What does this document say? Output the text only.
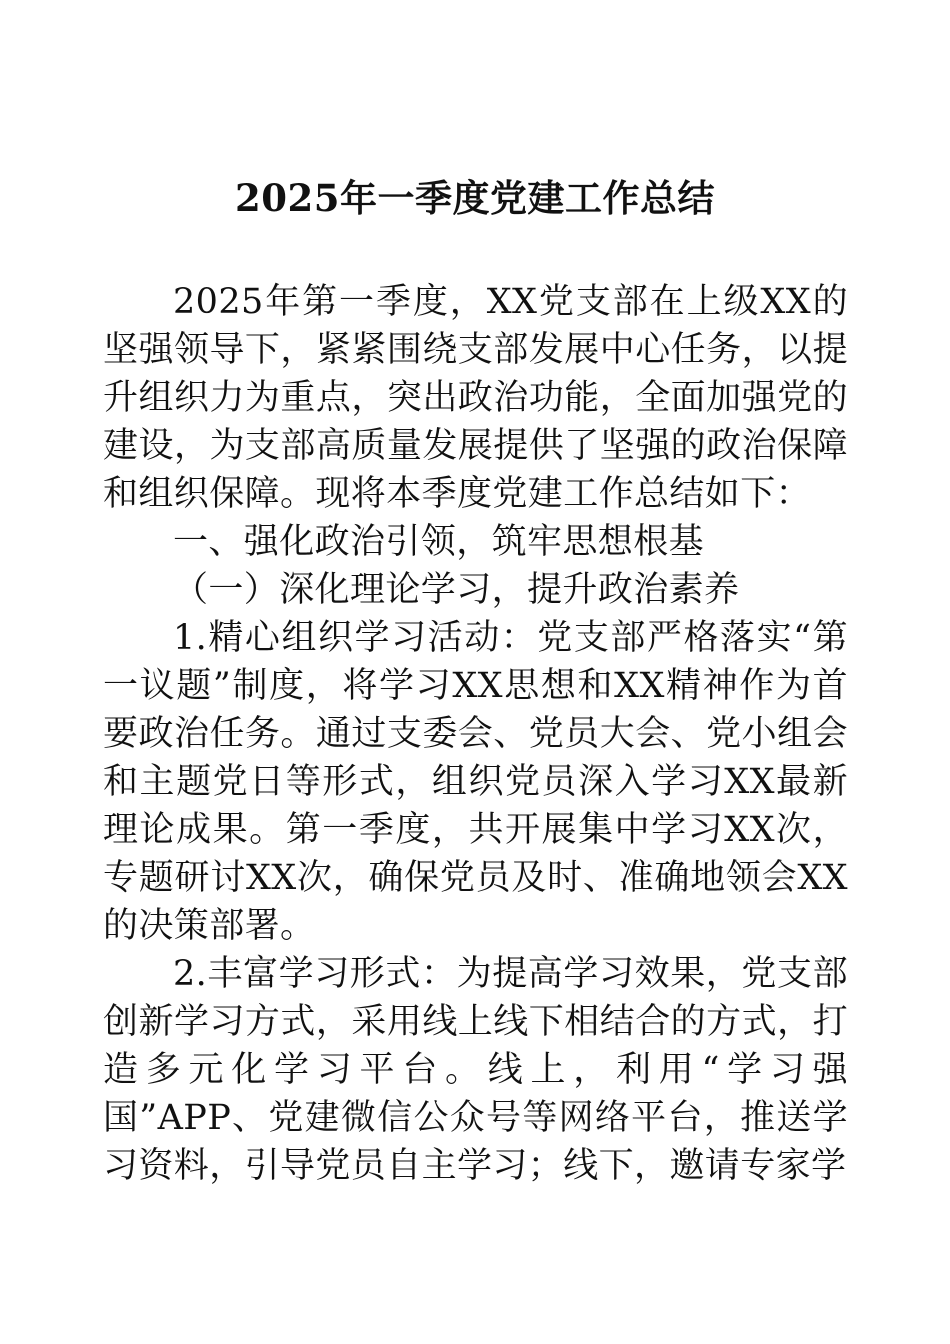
2025年一季度党建工作总结

2025年第一季度，XX党支部在上级XX的坚强领导下，紧紧围绕支部发展中心任务，以提升组织力为重点，突出政治功能，全面加强党的建设，为支部高质量发展提供了坚强的政治保障和组织保障。现将本季度党建工作总结如下：

一、强化政治引领，筑牢思想根基

（一）深化理论学习，提升政治素养

1.精心组织学习活动：党支部严格落实“第一议题”制度，将学习XX思想和XX精神作为首要政治任务。通过支委会、党员大会、党小组会和主题党日等形式，组织党员深入学习XX最新理论成果。第一季度，共开展集中学习XX次，专题研讨XX次，确保党员及时、准确地领会XX的决策部署。

2.丰富学习形式：为提高学习效果，党支部创新学习方式，采用线上线下相结合的方式，打造多元化学习平台。线上，利用“学习强国”APP、党建微信公众号等网络平台，推送学习资料，引导党员自主学习；线下，邀请专家学
